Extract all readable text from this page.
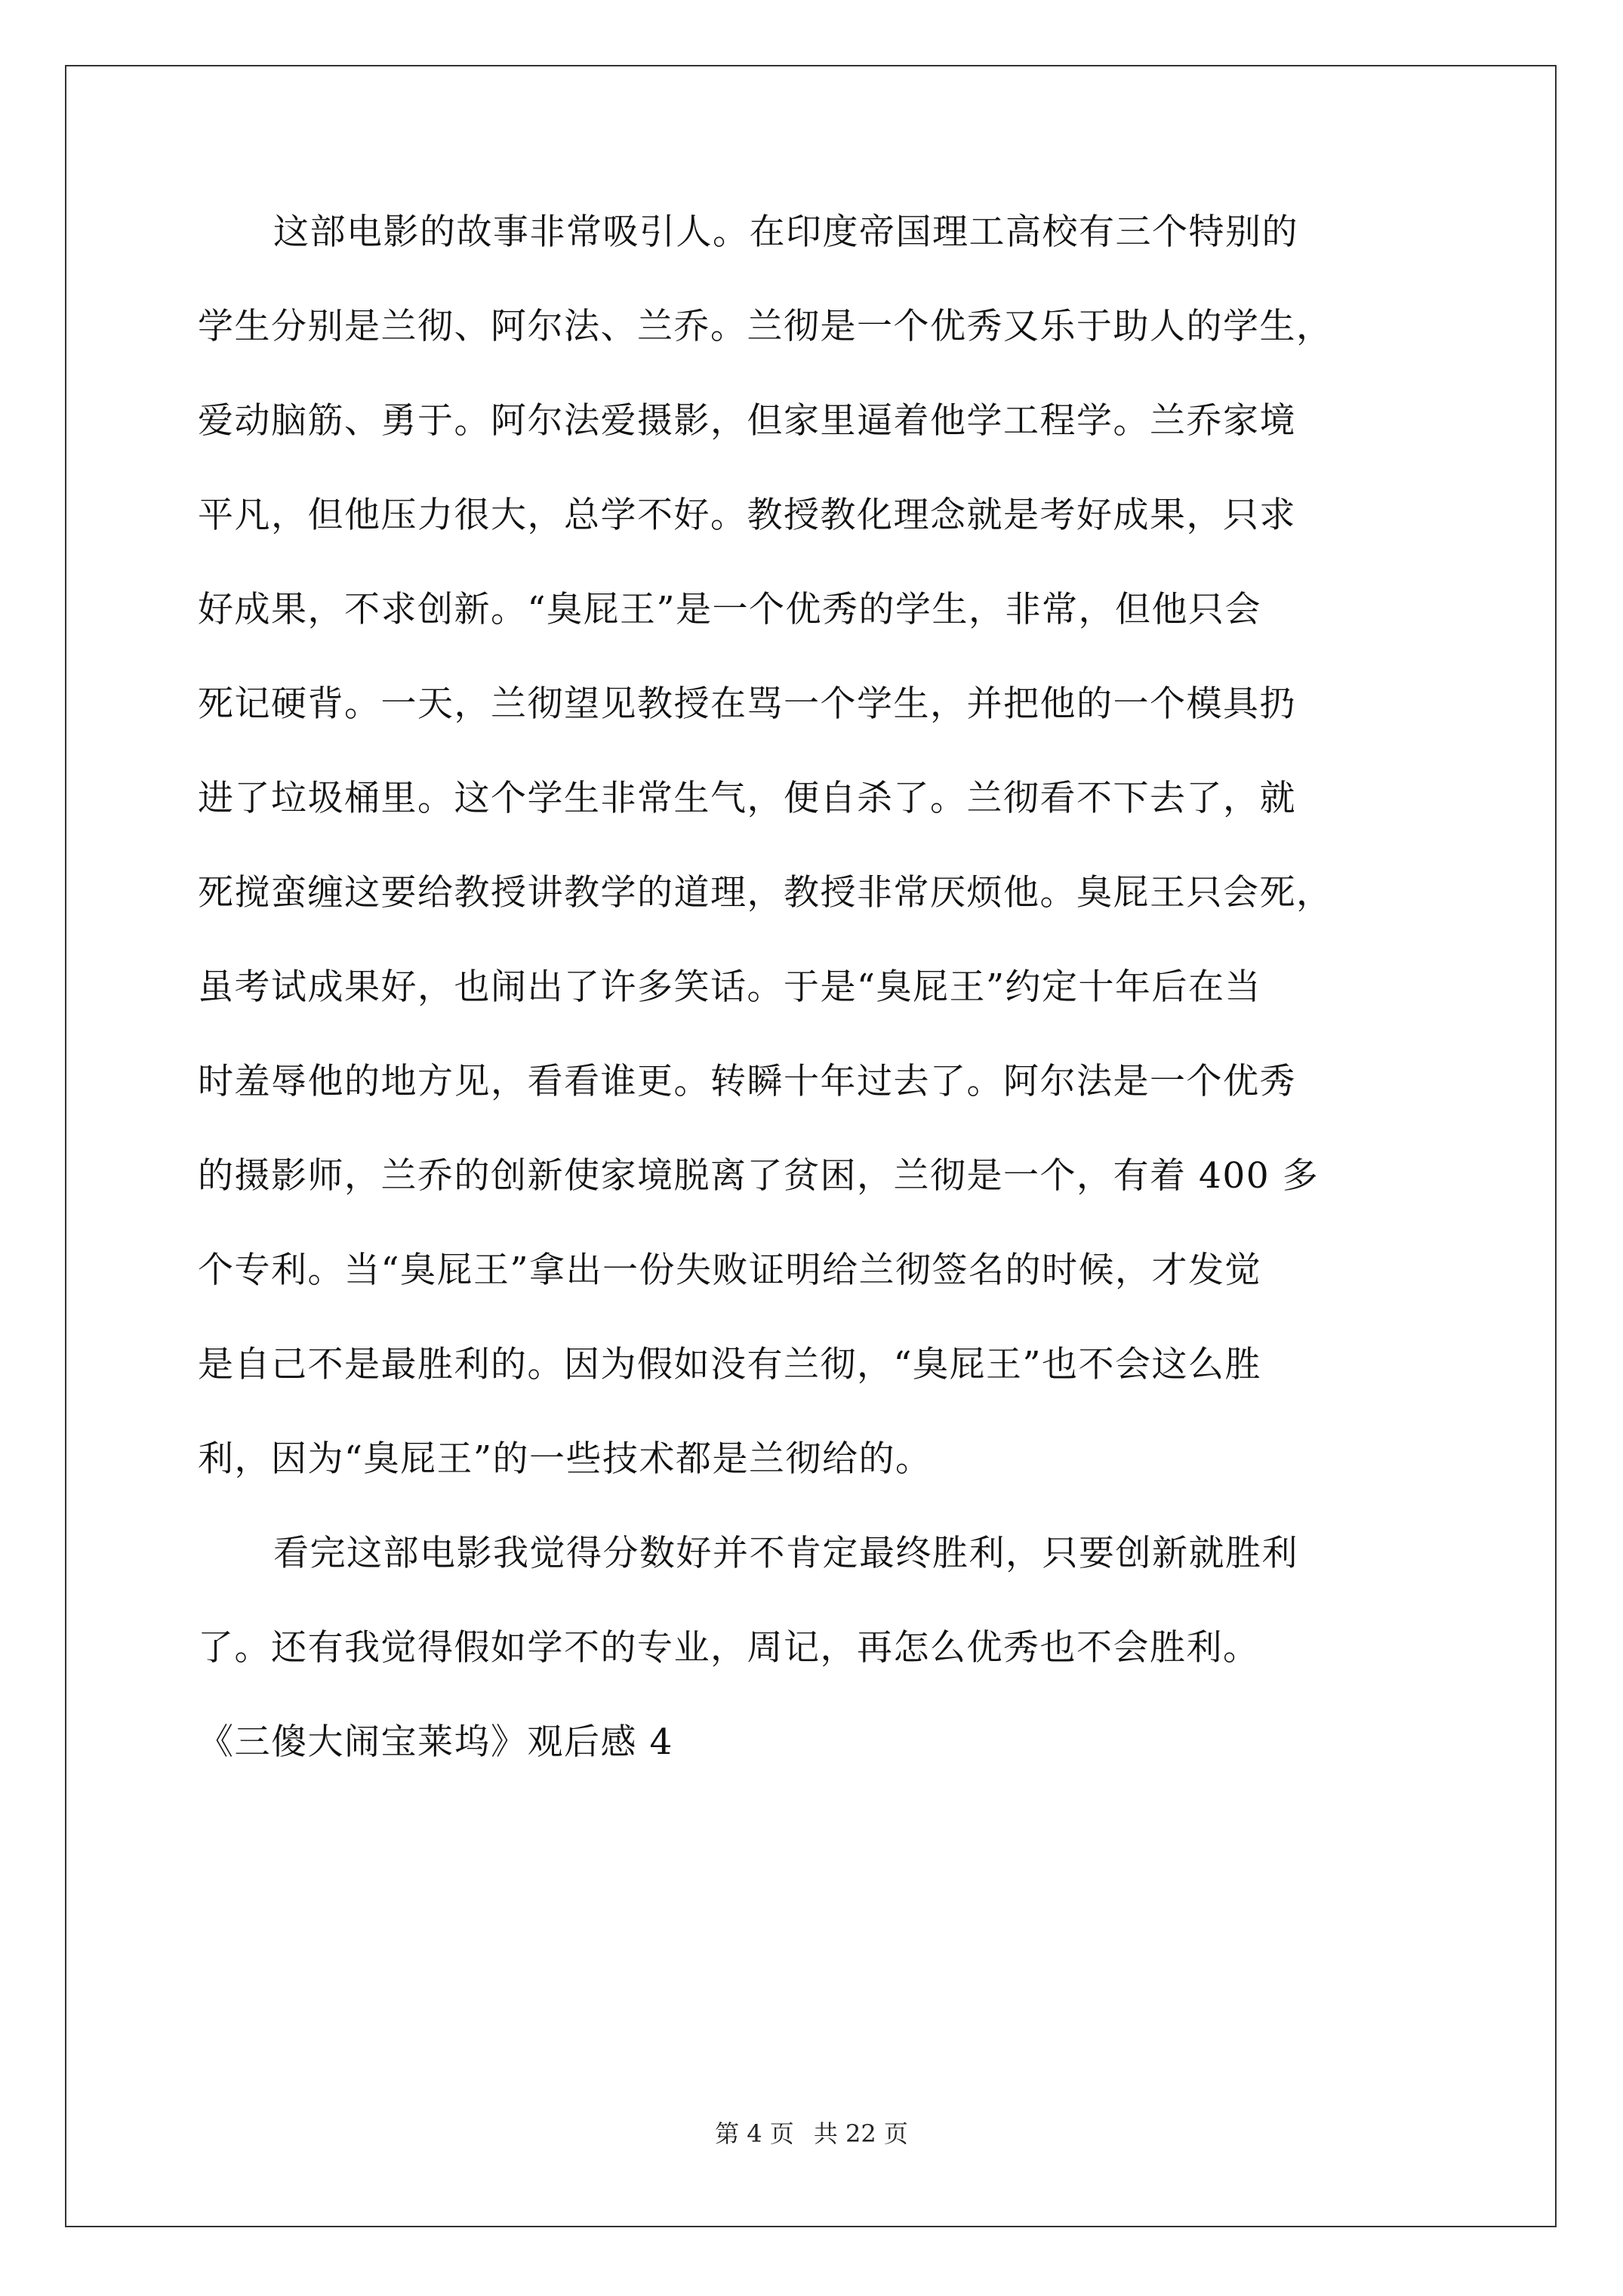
这部电影的故事非常吸引人。在印度帝国理工高校有三个特别的
学生分别是兰彻、阿尔法、兰乔。兰彻是一个优秀又乐于助人的学生，
爱动脑筋、勇于。阿尔法爱摄影，但家里逼着他学工程学。兰乔家境
平凡，但他压力很大，总学不好。教授教化理念就是考好成果，只求
好成果，不求创新。“臭屁王”是一个优秀的学生，非常，但他只会
死记硬背。一天，兰彻望见教授在骂一个学生，并把他的一个模具扔
进了垃圾桶里。这个学生非常生气，便自杀了。兰彻看不下去了，就
死搅蛮缠这要给教授讲教学的道理，教授非常厌烦他。臭屁王只会死，
虽考试成果好，也闹出了许多笑话。于是“臭屁王”约定十年后在当
时羞辱他的地方见，看看谁更。转瞬十年过去了。阿尔法是一个优秀
的摄影师，兰乔的创新使家境脱离了贫困，兰彻是一个，有着 400 多
个专利。当“臭屁王”拿出一份失败证明给兰彻签名的时候，才发觉
是自己不是最胜利的。因为假如没有兰彻，“臭屁王”也不会这么胜
利，因为“臭屁王”的一些技术都是兰彻给的。
看完这部电影我觉得分数好并不肯定最终胜利，只要创新就胜利
了。还有我觉得假如学不的专业，周记，再怎么优秀也不会胜利。
《三傻大闹宝莱坞》观后感 4
第 4 页 共 22 页
